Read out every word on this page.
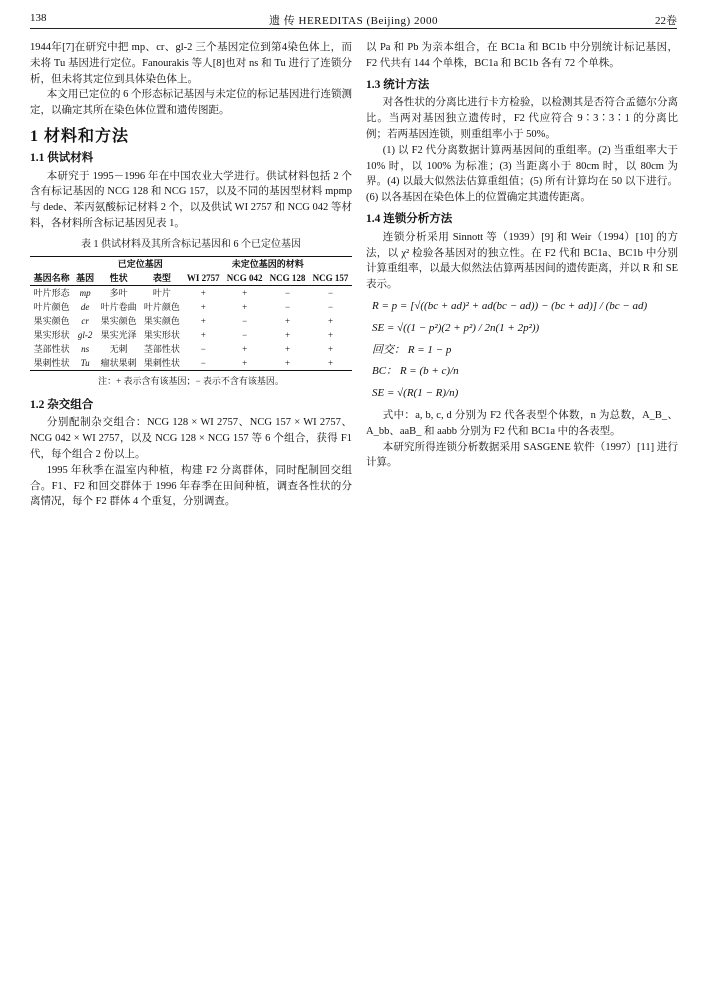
138	遗 传 HEREDITAS (Beijing) 2000	22卷

1944年[7]在研究中把 mp、cr、gl-2 三个基因定位到第4染色体上，而未将 Tu 基因进行定位。Fanourakis 等人[8]也对 ns 和 Tu 进行了连锁分析，但未将其定位到具体染色体上。

本文用已定位的 6 个形态标记基因与未定位的标记基因进行连锁测定，以确定其所在染色体位置和遗传图距。

1 材料和方法
1.1 供试材料

本研究于 1995－1996 年在中国农业大学进行。供试材料包括 2 个含有标记基因的 NCG 128 和 NCG 157，以及不同的基因型材料 mpmp 与 dede、苯丙氨酸标记材料 2 个，以及供试 WI 2757 和 NCG 042 等材料，各材料所含标记基因见表 1。

表 1 供试材料及其所含标记基因和 6 个已定位基因
		已定位基因		未定位基因的材料			
基因名称	基因	性状	表型	WI 2757	NCG 042	NCG 128	NCG 157
叶片形态	mp	多叶	叶片	+	+	−	−
叶片颜色	de	叶片卷曲	叶片颜色	+	+	−	−
果实颜色	cr	果实颜色	果实颜色	+	−	+	+
果实形状	gl-2	果实光泽	果实形状	+	−	+	+
茎部性状	ns	无刺	茎部性状	−	+	+	+
果刺性状	Tu	瘤状果刺	果刺性状	−	+	+	+
注：+ 表示含有该基因；− 表示不含有该基因。
1.2 杂交组合

分别配制杂交组合：NCG 128 × WI 2757、NCG 157 × WI 2757、NCG 042 × WI 2757，以及 NCG 128 × NCG 157 等 6 个组合，获得 F1 代，每个组合 2 份以上。

1995 年秋季在温室内种植，构建 F2 分离群体，同时配制回交组合。F1、F2 和回交群体于 1996 年春季在田间种植，调查各性状的分离情况，每个 F2 群体 4 个重复，分别调查。

以 Pa 和 Pb 为亲本组合，在 BC1a 和 BC1b 中分别统计标记基因，F2 代共有 144 个单株，BC1a 和 BC1b 各有 72 个单株。

1.3 统计方法

对各性状的分离比进行卡方检验，以检测其是否符合孟德尔分离比。当两对基因独立遗传时，F2 代应符合 9∶3∶3∶1 的分离比例；若两基因连锁，则重组率小于 50%。

(1) 以 F2 代分离数据计算两基因间的重组率。(2) 当重组率大于 10% 时，以 100% 为标准；(3) 当距离小于 80cm 时，以 80cm 为界。(4) 以最大似然法估算重组值；(5) 所有计算均在 50 以下进行。(6) 以各基因在染色体上的位置确定其遗传距离。

1.4 连锁分析方法

连锁分析采用 Sinnott 等（1939）[9] 和 Weir（1994）[10] 的方法，以 χ² 检验各基因对的独立性。在 F2 代和 BC1a、BC1b 中分别计算重组率，以最大似然法估算两基因间的遗传距离，并以 R 和 SE 表示。

R = p = [√((bc + ad)² + ad(bc − ad)) − (bc + ad)] / (bc − ad)
SE = √((1 − p²)(2 + p²) / 2n(1 + 2p²))
回交： R = 1 − p
BC： R = (b + c)/n
SE = √(R(1 − R)/n)

式中：a, b, c, d 分别为 F2 代各表型个体数，n 为总数，A_B_、A_bb、aaB_ 和 aabb 分别为 F2 代和 BC1a 中的各表型。

本研究所得连锁分析数据采用 SASGENE 软件（1997）[11] 进行计算。
